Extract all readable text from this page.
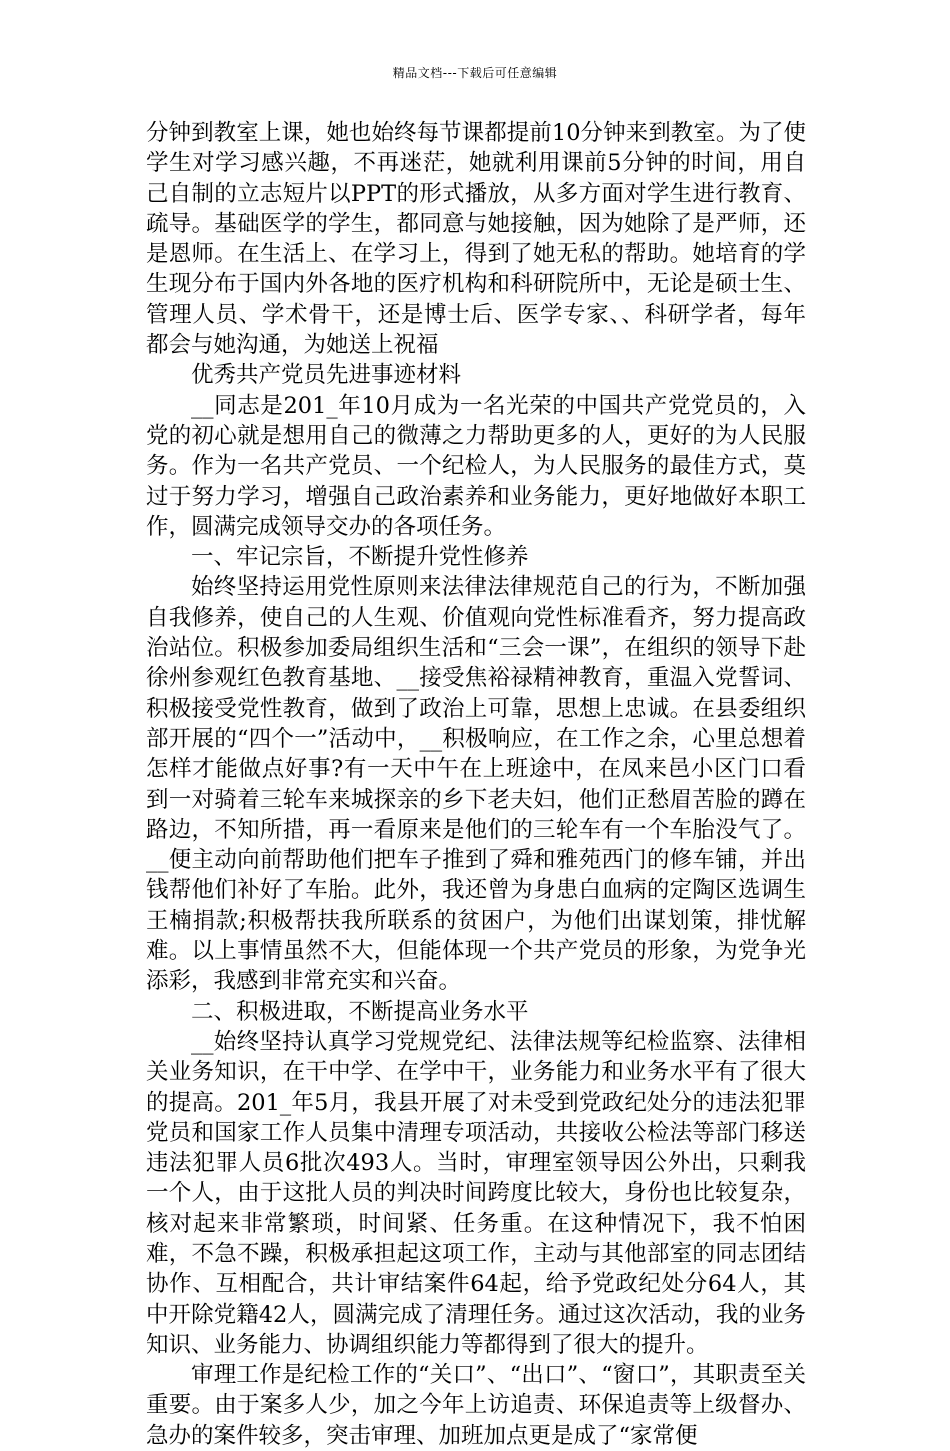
精品文档---下载后可任意编辑

分钟到教室上课，她也始终每节课都提前10分钟来到教室。为了使学生对学习感兴趣，不再迷茫，她就利用课前5分钟的时间，用自己自制的立志短片以PPT的形式播放，从多方面对学生进行教育、疏导。基础医学的学生，都同意与她接触，因为她除了是严师，还是恩师。在生活上、在学习上，得到了她无私的帮助。她培育的学生现分布于国内外各地的医疗机构和科研院所中，无论是硕士生、管理人员、学术骨干，还是博士后、医学专家、、科研学者，每年都会与她沟通，为她送上祝福

优秀共产党员先进事迹材料

__同志是201_年10月成为一名光荣的中国共产党党员的，入党的初心就是想用自己的微薄之力帮助更多的人，更好的为人民服务。作为一名共产党员、一个纪检人，为人民服务的最佳方式，莫过于努力学习，增强自己政治素养和业务能力，更好地做好本职工作，圆满完成领导交办的各项任务。

一、牢记宗旨，不断提升党性修养

始终坚持运用党性原则来法律法律规范自己的行为，不断加强自我修养，使自己的人生观、价值观向党性标准看齐，努力提高政治站位。积极参加委局组织生活和“三会一课”，在组织的领导下赴徐州参观红色教育基地、__接受焦裕禄精神教育，重温入党誓词、积极接受党性教育，做到了政治上可靠，思想上忠诚。在县委组织部开展的“四个一”活动中，__积极响应，在工作之余，心里总想着怎样才能做点好事?有一天中午在上班途中，在凤来邑小区门口看到一对骑着三轮车来城探亲的乡下老夫妇，他们正愁眉苦脸的蹲在路边，不知所措，再一看原来是他们的三轮车有一个车胎没气了。__便主动向前帮助他们把车子推到了舜和雅苑西门的修车铺，并出钱帮他们补好了车胎。此外，我还曾为身患白血病的定陶区选调生王楠捐款;积极帮扶我所联系的贫困户，为他们出谋划策，排忧解难。以上事情虽然不大，但能体现一个共产党员的形象，为党争光添彩，我感到非常充实和兴奋。

二、积极进取，不断提高业务水平

__始终坚持认真学习党规党纪、法律法规等纪检监察、法律相关业务知识，在干中学、在学中干，业务能力和业务水平有了很大的提高。201_年5月，我县开展了对未受到党政纪处分的违法犯罪党员和国家工作人员集中清理专项活动，共接收公检法等部门移送违法犯罪人员6批次493人。当时，审理室领导因公外出，只剩我一个人，由于这批人员的判决时间跨度比较大，身份也比较复杂，核对起来非常繁琐，时间紧、任务重。在这种情况下，我不怕困难，不急不躁，积极承担起这项工作，主动与其他部室的同志团结协作、互相配合，共计审结案件64起，给予党政纪处分64人，其中开除党籍42人，圆满完成了清理任务。通过这次活动，我的业务知识、业务能力、协调组织能力等都得到了很大的提升。

审理工作是纪检工作的“关口”、“出口”、“窗口”，其职责至关重要。由于案多人少，加之今年上访追责、环保追责等上级督办、急办的案件较多，突击审理、加班加点更是成了“家常便
